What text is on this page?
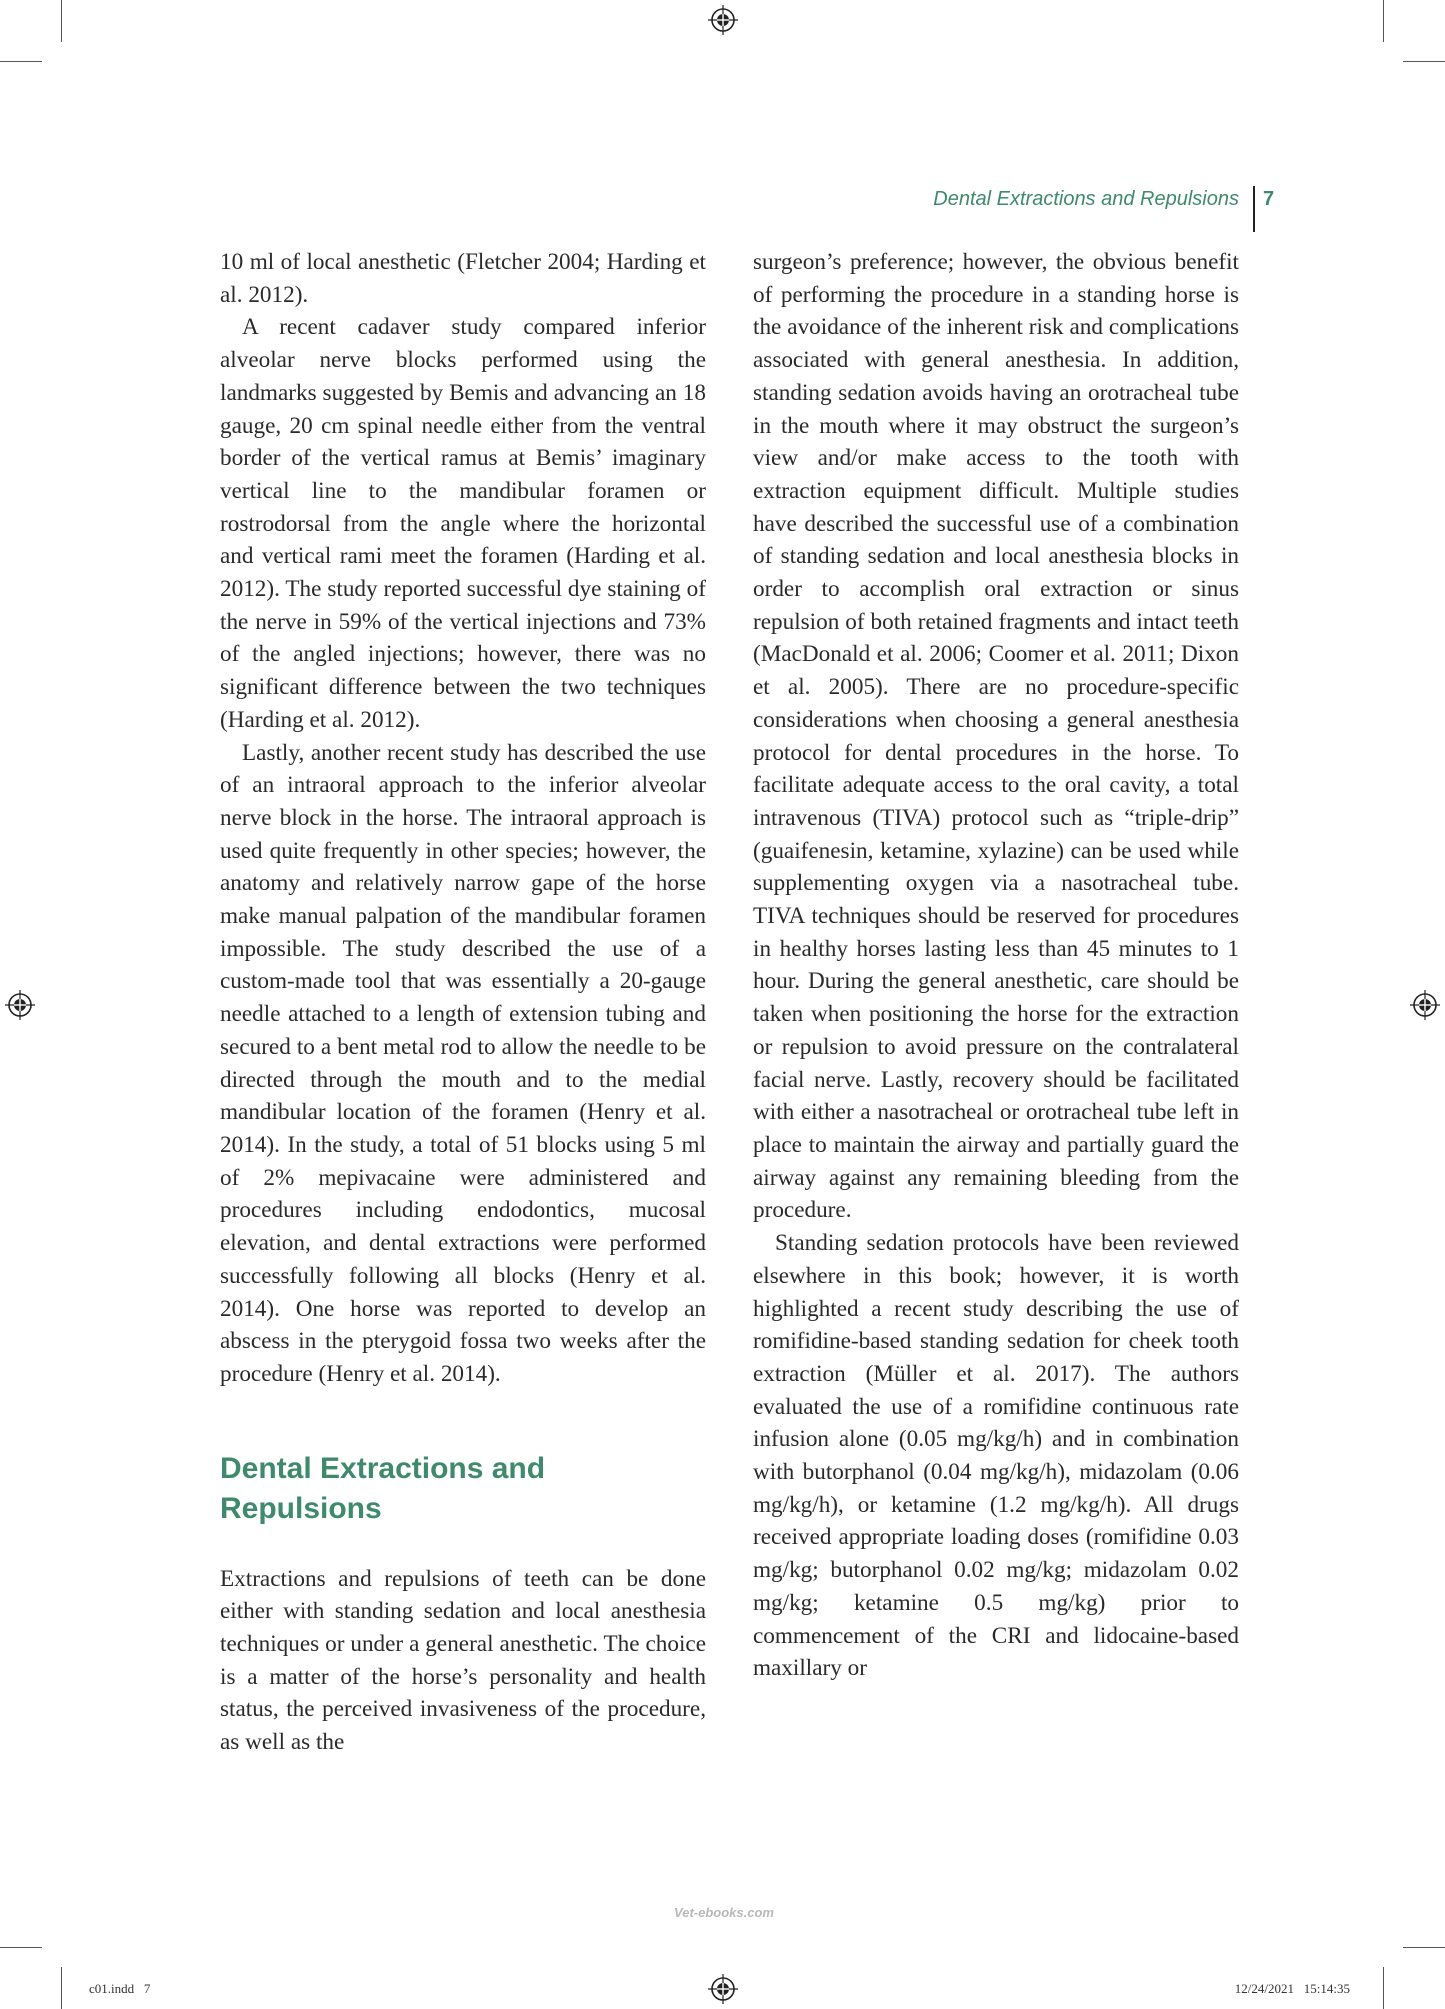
Dental Extractions and Repulsions 7

10 ml of local anesthetic (Fletcher 2004; Harding et al. 2012).

A recent cadaver study compared inferior alveolar nerve blocks performed using the landmarks suggested by Bemis and advancing an 18 gauge, 20 cm spinal needle either from the ventral border of the vertical ramus at Bemis’ imaginary vertical line to the mandibular foramen or rostrodorsal from the angle where the horizontal and vertical rami meet the foramen (Harding et al. 2012). The study reported successful dye staining of the nerve in 59% of the vertical injections and 73% of the angled injections; however, there was no significant difference between the two techniques (Harding et al. 2012).

Lastly, another recent study has described the use of an intraoral approach to the inferior alveolar nerve block in the horse. The intraoral approach is used quite frequently in other species; however, the anatomy and relatively narrow gape of the horse make manual palpation of the mandibular foramen impossible. The study described the use of a custom-made tool that was essentially a 20-gauge needle attached to a length of extension tubing and secured to a bent metal rod to allow the needle to be directed through the mouth and to the medial mandibular location of the foramen (Henry et al. 2014). In the study, a total of 51 blocks using 5 ml of 2% mepivacaine were administered and procedures including endodontics, mucosal elevation, and dental extractions were performed successfully following all blocks (Henry et al. 2014). One horse was reported to develop an abscess in the pterygoid fossa two weeks after the procedure (Henry et al. 2014).

Dental Extractions and Repulsions

Extractions and repulsions of teeth can be done either with standing sedation and local anesthesia techniques or under a general anesthetic. The choice is a matter of the horse’s personality and health status, the perceived invasiveness of the procedure, as well as the

surgeon’s preference; however, the obvious benefit of performing the procedure in a standing horse is the avoidance of the inherent risk and complications associated with general anesthesia. In addition, standing sedation avoids having an orotracheal tube in the mouth where it may obstruct the surgeon’s view and/or make access to the tooth with extraction equipment difficult. Multiple studies have described the successful use of a combination of standing sedation and local anesthesia blocks in order to accomplish oral extraction or sinus repulsion of both retained fragments and intact teeth (MacDonald et al. 2006; Coomer et al. 2011; Dixon et al. 2005). There are no procedure-specific considerations when choosing a general anesthesia protocol for dental procedures in the horse. To facilitate adequate access to the oral cavity, a total intravenous (TIVA) protocol such as “triple-drip” (guaifenesin, ketamine, xylazine) can be used while supplementing oxygen via a nasotracheal tube. TIVA techniques should be reserved for procedures in healthy horses lasting less than 45 minutes to 1 hour. During the general anesthetic, care should be taken when positioning the horse for the extraction or repulsion to avoid pressure on the contralateral facial nerve. Lastly, recovery should be facilitated with either a nasotracheal or orotracheal tube left in place to maintain the airway and partially guard the airway against any remaining bleeding from the procedure.

Standing sedation protocols have been reviewed elsewhere in this book; however, it is worth highlighted a recent study describing the use of romifidine-based standing sedation for cheek tooth extraction (Müller et al. 2017). The authors evaluated the use of a romifidine continuous rate infusion alone (0.05 mg/kg/h) and in combination with butorphanol (0.04 mg/kg/h), midazolam (0.06 mg/kg/h), or ketamine (1.2 mg/kg/h). All drugs received appropriate loading doses (romifidine 0.03 mg/kg; butorphanol 0.02 mg/kg; midazolam 0.02 mg/kg; ketamine 0.5 mg/kg) prior to commencement of the CRI and lidocaine-based maxillary or

Vet-ebooks.com
c01.indd   7	12/24/2021   15:14:35
